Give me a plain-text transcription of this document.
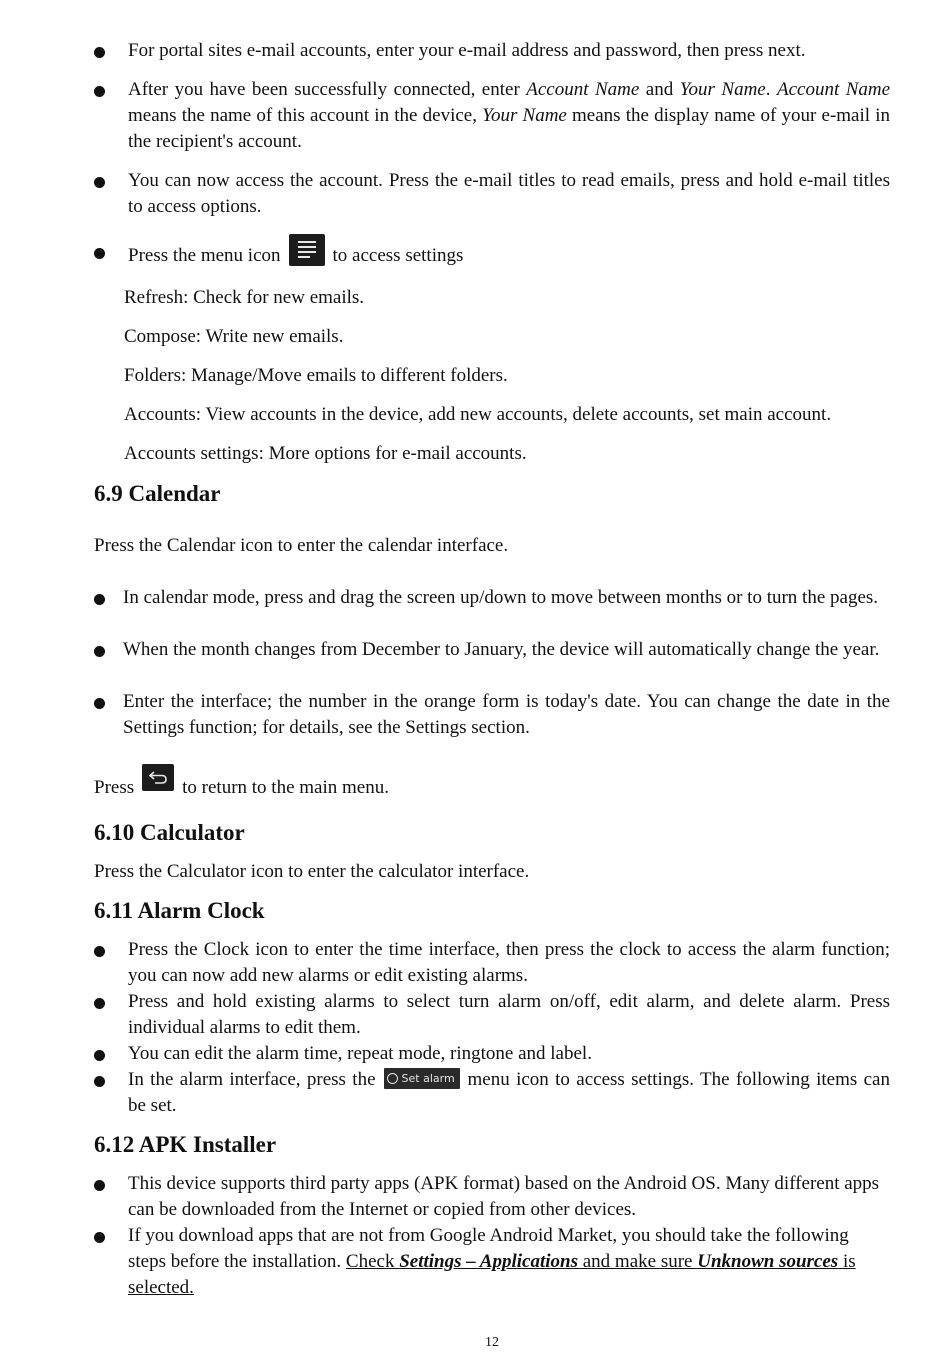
For portal sites e-mail accounts, enter your e-mail address and password, then press next.
After you have been successfully connected, enter Account Name and Your Name. Account Name means the name of this account in the device, Your Name means the display name of your e-mail in the recipient's account.
You can now access the account. Press the e-mail titles to read emails, press and hold e-mail titles to access options.
Press the menu icon	to access settings
Refresh: Check for new emails.
Compose: Write new emails.
Folders: Manage/Move emails to different folders.
Accounts: View accounts in the device, add new accounts, delete accounts, set main account.
Accounts settings: More options for e-mail accounts.
6.9 Calendar
Press the Calendar icon to enter the calendar interface.
In calendar mode, press and drag the screen up/down to move between months or to turn the pages.
When the month changes from December to January, the device will automatically change the year.
Enter the interface; the number in the orange form is today's date. You can change the date in the Settings function; for details, see the Settings section.
Press	to return to the main menu.
6.10 Calculator
Press the Calculator icon to enter the calculator interface.
6.11 Alarm Clock
Press the Clock icon to enter the time interface, then press the clock to access the alarm function; you can now add new alarms or edit existing alarms.
Press and hold existing alarms to select turn alarm on/off, edit alarm, and delete alarm. Press individual alarms to edit them.
You can edit the alarm time, repeat mode, ringtone and label.
In the alarm interface, press the Set alarm menu icon to access settings. The following items can be set.
6.12 APK Installer
This device supports third party apps (APK format) based on the Android OS. Many different apps can be downloaded from the Internet or copied from other devices.
If you download apps that are not from Google Android Market, you should take the following steps before the installation. Check Settings – Applications and make sure Unknown sources is selected.
12
